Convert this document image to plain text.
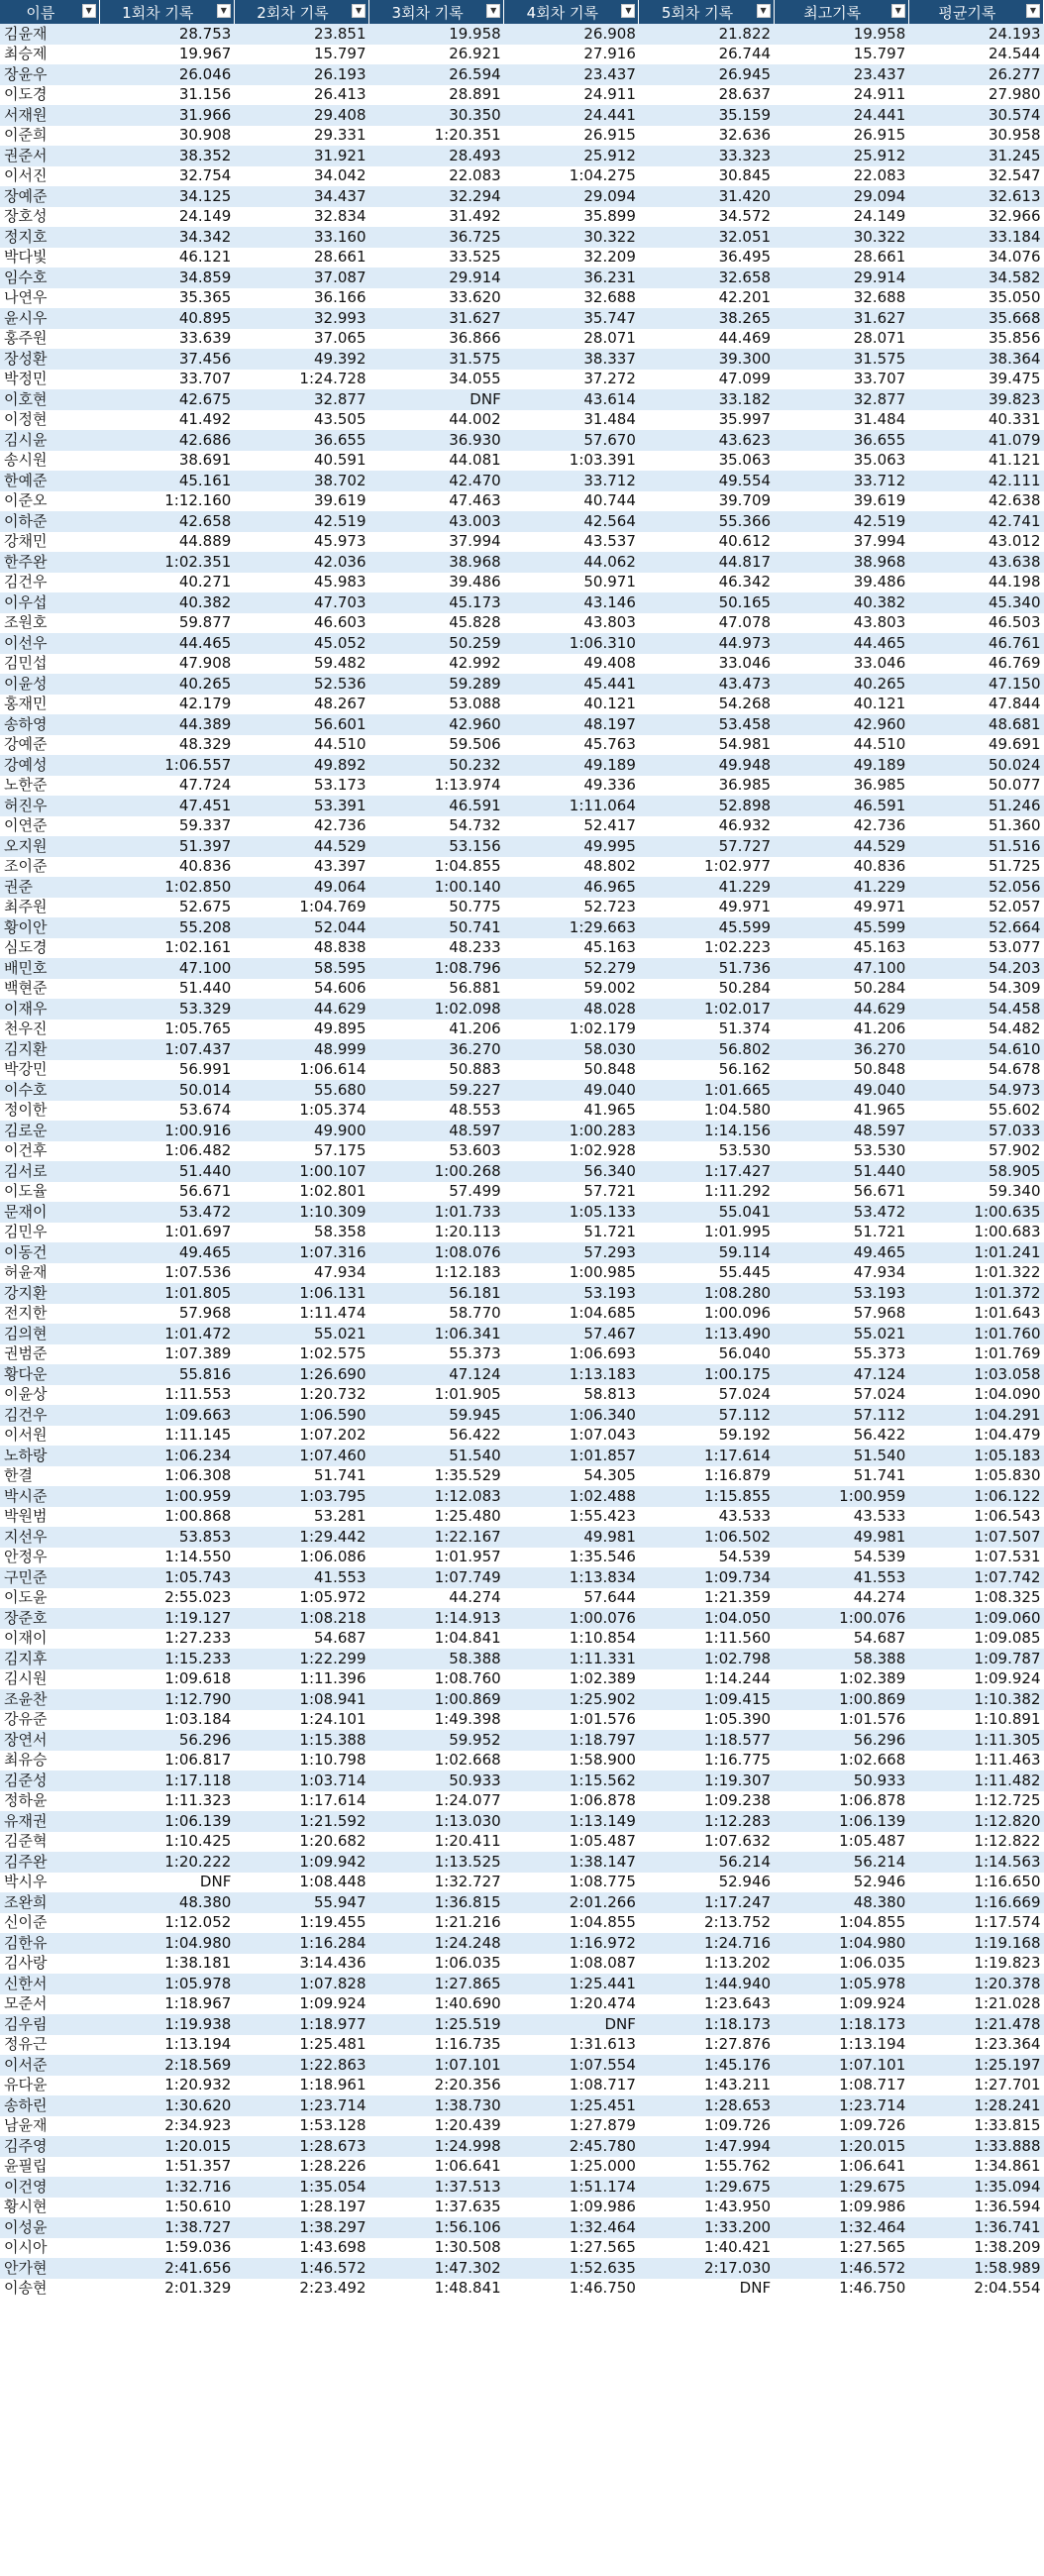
이름 ▼	1회차 기록 ▼	2회차 기록 ▼	3회차 기록 ▼	4회차 기록 ▼	5회차 기록 ▼	최고기록 ▼	평균기록 ▼

김윤재	28.753	23.851	19.958	26.908	21.822	19.958	24.193
최승제	19.967	15.797	26.921	27.916	26.744	15.797	24.544
장윤우	26.046	26.193	26.594	23.437	26.945	23.437	26.277
이도경	31.156	26.413	28.891	24.911	28.637	24.911	27.980
서재원	31.966	29.408	30.350	24.441	35.159	24.441	30.574
이준희	30.908	29.331	1:20.351	26.915	32.636	26.915	30.958
권준서	38.352	31.921	28.493	25.912	33.323	25.912	31.245
이서진	32.754	34.042	22.083	1:04.275	30.845	22.083	32.547
장예준	34.125	34.437	32.294	29.094	31.420	29.094	32.613
장호성	24.149	32.834	31.492	35.899	34.572	24.149	32.966
정지호	34.342	33.160	36.725	30.322	32.051	30.322	33.184
박다빛	46.121	28.661	33.525	32.209	36.495	28.661	34.076
임수호	34.859	37.087	29.914	36.231	32.658	29.914	34.582
나연우	35.365	36.166	33.620	32.688	42.201	32.688	35.050
윤시우	40.895	32.993	31.627	35.747	38.265	31.627	35.668
홍주원	33.639	37.065	36.866	28.071	44.469	28.071	35.856
장성환	37.456	49.392	31.575	38.337	39.300	31.575	38.364
박정민	33.707	1:24.728	34.055	37.272	47.099	33.707	39.475
이호현	42.675	32.877	DNF	43.614	33.182	32.877	39.823
이정현	41.492	43.505	44.002	31.484	35.997	31.484	40.331
김시윤	42.686	36.655	36.930	57.670	43.623	36.655	41.079
송시원	38.691	40.591	44.081	1:03.391	35.063	35.063	41.121
한예준	45.161	38.702	42.470	33.712	49.554	33.712	42.111
이준오	1:12.160	39.619	47.463	40.744	39.709	39.619	42.638
이하준	42.658	42.519	43.003	42.564	55.366	42.519	42.741
강채민	44.889	45.973	37.994	43.537	40.612	37.994	43.012
한주완	1:02.351	42.036	38.968	44.062	44.817	38.968	43.638
김건우	40.271	45.983	39.486	50.971	46.342	39.486	44.198
이우섭	40.382	47.703	45.173	43.146	50.165	40.382	45.340
조원호	59.877	46.603	45.828	43.803	47.078	43.803	46.503
이선우	44.465	45.052	50.259	1:06.310	44.973	44.465	46.761
김민섭	47.908	59.482	42.992	49.408	33.046	33.046	46.769
이윤성	40.265	52.536	59.289	45.441	43.473	40.265	47.150
홍재민	42.179	48.267	53.088	40.121	54.268	40.121	47.844
송하영	44.389	56.601	42.960	48.197	53.458	42.960	48.681
강예준	48.329	44.510	59.506	45.763	54.981	44.510	49.691
강예성	1:06.557	49.892	50.232	49.189	49.948	49.189	50.024
노한준	47.724	53.173	1:13.974	49.336	36.985	36.985	50.077
허진우	47.451	53.391	46.591	1:11.064	52.898	46.591	51.246
이연준	59.337	42.736	54.732	52.417	46.932	42.736	51.360
오지원	51.397	44.529	53.156	49.995	57.727	44.529	51.516
조이준	40.836	43.397	1:04.855	48.802	1:02.977	40.836	51.725
권준	1:02.850	49.064	1:00.140	46.965	41.229	41.229	52.056
최주원	52.675	1:04.769	50.775	52.723	49.971	49.971	52.057
황이안	55.208	52.044	50.741	1:29.663	45.599	45.599	52.664
심도경	1:02.161	48.838	48.233	45.163	1:02.223	45.163	53.077
배민호	47.100	58.595	1:08.796	52.279	51.736	47.100	54.203
백현준	51.440	54.606	56.881	59.002	50.284	50.284	54.309
이재우	53.329	44.629	1:02.098	48.028	1:02.017	44.629	54.458
천우진	1:05.765	49.895	41.206	1:02.179	51.374	41.206	54.482
김지환	1:07.437	48.999	36.270	58.030	56.802	36.270	54.610
박강민	56.991	1:06.614	50.883	50.848	56.162	50.848	54.678
이수호	50.014	55.680	59.227	49.040	1:01.665	49.040	54.973
정이한	53.674	1:05.374	48.553	41.965	1:04.580	41.965	55.602
김로운	1:00.916	49.900	48.597	1:00.283	1:14.156	48.597	57.033
이건후	1:06.482	57.175	53.603	1:02.928	53.530	53.530	57.902
김서로	51.440	1:00.107	1:00.268	56.340	1:17.427	51.440	58.905
이도율	56.671	1:02.801	57.499	57.721	1:11.292	56.671	59.340
문재이	53.472	1:10.309	1:01.733	1:05.133	55.041	53.472	1:00.635
김민우	1:01.697	58.358	1:20.113	51.721	1:01.995	51.721	1:00.683
이동건	49.465	1:07.316	1:08.076	57.293	59.114	49.465	1:01.241
허윤재	1:07.536	47.934	1:12.183	1:00.985	55.445	47.934	1:01.322
강지환	1:01.805	1:06.131	56.181	53.193	1:08.280	53.193	1:01.372
전지한	57.968	1:11.474	58.770	1:04.685	1:00.096	57.968	1:01.643
김의현	1:01.472	55.021	1:06.341	57.467	1:13.490	55.021	1:01.760
권범준	1:07.389	1:02.575	55.373	1:06.693	56.040	55.373	1:01.769
황다운	55.816	1:26.690	47.124	1:13.183	1:00.175	47.124	1:03.058
이윤상	1:11.553	1:20.732	1:01.905	58.813	57.024	57.024	1:04.090
김건우	1:09.663	1:06.590	59.945	1:06.340	57.112	57.112	1:04.291
이서원	1:11.145	1:07.202	56.422	1:07.043	59.192	56.422	1:04.479
노하랑	1:06.234	1:07.460	51.540	1:01.857	1:17.614	51.540	1:05.183
한결	1:06.308	51.741	1:35.529	54.305	1:16.879	51.741	1:05.830
박시준	1:00.959	1:03.795	1:12.083	1:02.488	1:15.855	1:00.959	1:06.122
박원범	1:00.868	53.281	1:25.480	1:55.423	43.533	43.533	1:06.543
지선우	53.853	1:29.442	1:22.167	49.981	1:06.502	49.981	1:07.507
안정우	1:14.550	1:06.086	1:01.957	1:35.546	54.539	54.539	1:07.531
구민준	1:05.743	41.553	1:07.749	1:13.834	1:09.734	41.553	1:07.742
이도윤	2:55.023	1:05.972	44.274	57.644	1:21.359	44.274	1:08.325
장준호	1:19.127	1:08.218	1:14.913	1:00.076	1:04.050	1:00.076	1:09.060
이재이	1:27.233	54.687	1:04.841	1:10.854	1:11.560	54.687	1:09.085
김지후	1:15.233	1:22.299	58.388	1:11.331	1:02.798	58.388	1:09.787
김시원	1:09.618	1:11.396	1:08.760	1:02.389	1:14.244	1:02.389	1:09.924
조윤찬	1:12.790	1:08.941	1:00.869	1:25.902	1:09.415	1:00.869	1:10.382
강유준	1:03.184	1:24.101	1:49.398	1:01.576	1:05.390	1:01.576	1:10.891
장연서	56.296	1:15.388	59.952	1:18.797	1:18.577	56.296	1:11.305
최유승	1:06.817	1:10.798	1:02.668	1:58.900	1:16.775	1:02.668	1:11.463
김준성	1:17.118	1:03.714	50.933	1:15.562	1:19.307	50.933	1:11.482
정하윤	1:11.323	1:17.614	1:24.077	1:06.878	1:09.238	1:06.878	1:12.725
유재권	1:06.139	1:21.592	1:13.030	1:13.149	1:12.283	1:06.139	1:12.820
김준혁	1:10.425	1:20.682	1:20.411	1:05.487	1:07.632	1:05.487	1:12.822
김주완	1:20.222	1:09.942	1:13.525	1:38.147	56.214	56.214	1:14.563
박시우	DNF	1:08.448	1:32.727	1:08.775	52.946	52.946	1:16.650
조완희	48.380	55.947	1:36.815	2:01.266	1:17.247	48.380	1:16.669
신이준	1:12.052	1:19.455	1:21.216	1:04.855	2:13.752	1:04.855	1:17.574
김한유	1:04.980	1:16.284	1:24.248	1:16.972	1:24.716	1:04.980	1:19.168
김사랑	1:38.181	3:14.436	1:06.035	1:08.087	1:13.202	1:06.035	1:19.823
신한서	1:05.978	1:07.828	1:27.865	1:25.441	1:44.940	1:05.978	1:20.378
모준서	1:18.967	1:09.924	1:40.690	1:20.474	1:23.643	1:09.924	1:21.028
김우림	1:19.938	1:18.977	1:25.519	DNF	1:18.173	1:18.173	1:21.478
정유근	1:13.194	1:25.481	1:16.735	1:31.613	1:27.876	1:13.194	1:23.364
이서준	2:18.569	1:22.863	1:07.101	1:07.554	1:45.176	1:07.101	1:25.197
유다윤	1:20.932	1:18.961	2:20.356	1:08.717	1:43.211	1:08.717	1:27.701
송하린	1:30.620	1:23.714	1:38.730	1:25.451	1:28.653	1:23.714	1:28.241
남윤재	2:34.923	1:53.128	1:20.439	1:27.879	1:09.726	1:09.726	1:33.815
김주영	1:20.015	1:28.673	1:24.998	2:45.780	1:47.994	1:20.015	1:33.888
윤필립	1:51.357	1:28.226	1:06.641	1:25.000	1:55.762	1:06.641	1:34.861
이건영	1:32.716	1:35.054	1:37.513	1:51.174	1:29.675	1:29.675	1:35.094
황시현	1:50.610	1:28.197	1:37.635	1:09.986	1:43.950	1:09.986	1:36.594
이성윤	1:38.727	1:38.297	1:56.106	1:32.464	1:33.200	1:32.464	1:36.741
이시아	1:59.036	1:43.698	1:30.508	1:27.565	1:40.421	1:27.565	1:38.209
안가현	2:41.656	1:46.572	1:47.302	1:52.635	2:17.030	1:46.572	1:58.989
이송현	2:01.329	2:23.492	1:48.841	1:46.750	DNF	1:46.750	2:04.554
